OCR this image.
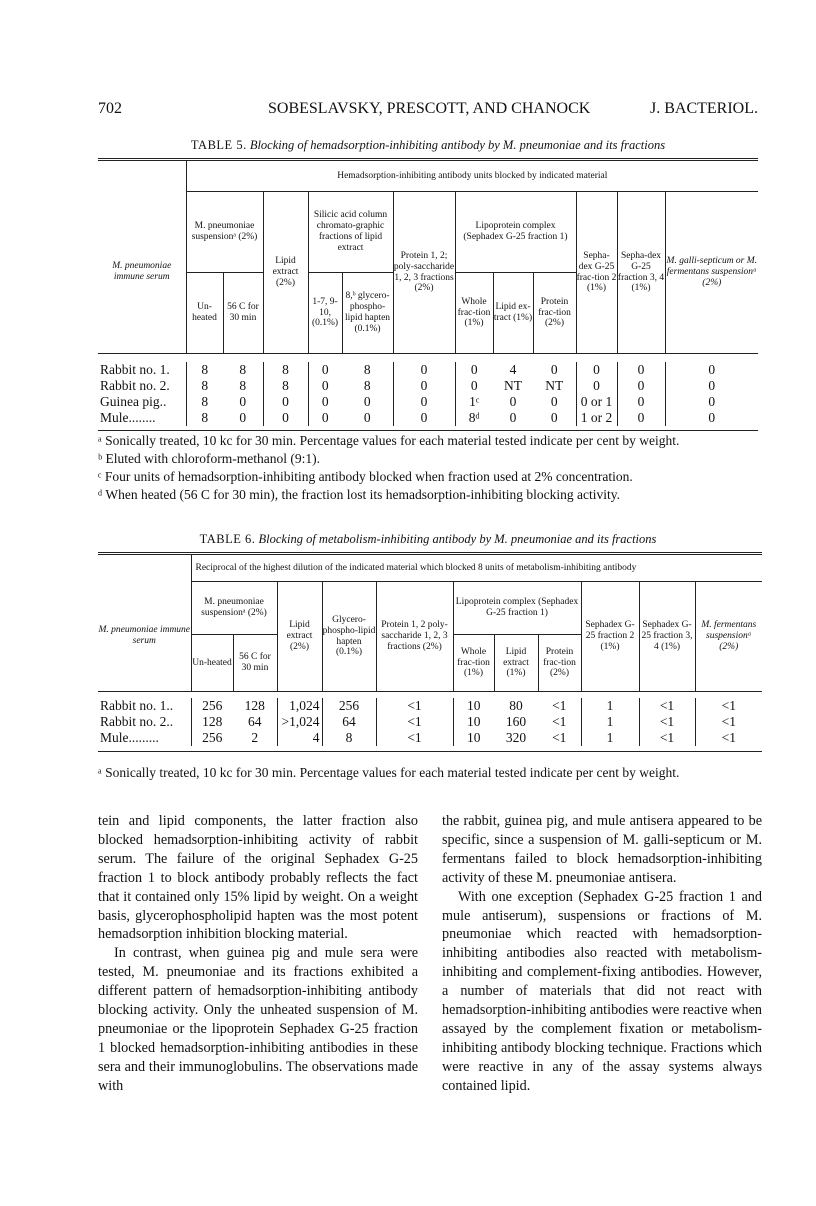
702	SOBESLAVSKY, PRESCOTT, AND CHANOCK	J. BACTERIOL.
TABLE 5. Blocking of hemadsorption-inhibiting antibody by M. pneumoniae and its fractions
	Hemadsorption-inhibiting antibody units blocked by indicated material											
M. pneumoniae immune serum	M. pneumoniae suspensionᵃ (2%)		Lipid extract (2%)	Silicic acid column chromato-graphic fractions of lipid extract		Protein 1, 2; poly-saccharide 1, 2, 3 fractions (2%)	Lipoprotein complex (Sephadex G-25 fraction 1)			Sepha-dex G-25 frac-tion 2 (1%)	Sepha-dex G-25 fraction 3, 4 (1%)	M. galli-septicum or M. fermentans suspensionᵃ (2%)
	Un-heated	56 C for 30 min		1-7, 9-10, (0.1%)	8,ᵇ glycero-phospho-lipid hapten (0.1%)		Whole frac-tion (1%)	Lipid ex-tract (1%)	Protein frac-tion (2%)			

Rabbit no. 1.	8	8	8	0	8	0	0	4	0	0	0	0
Rabbit no. 2.	8	8	8	0	8	0	0	NT	NT	0	0	0
Guinea pig..	8	0	0	0	0	0	1ᶜ	0	0	0 or 1	0	0
Mule........	8	0	0	0	0	0	8ᵈ	0	0	1 or 2	0	0

ᵃ Sonically treated, 10 kc for 30 min. Percentage values for each material tested indicate per cent by weight.

ᵇ Eluted with chloroform-methanol (9:1).

ᶜ Four units of hemadsorption-inhibiting antibody blocked when fraction used at 2% concentration.

ᵈ When heated (56 C for 30 min), the fraction lost its hemadsorption-inhibiting blocking activity.

TABLE 6. Blocking of metabolism-inhibiting antibody by M. pneumoniae and its fractions
	Reciprocal of the highest dilution of the indicated material which blocked 8 units of metabolism-inhibiting antibody										
M. pneumoniae immune serum	M. pneumoniae suspensionᵃ (2%)		Lipid extract (2%)	Glycero-phospho-lipid hapten (0.1%)	Protein 1, 2 poly-saccharide 1, 2, 3 fractions (2%)	Lipoprotein complex (Sephadex G-25 fraction 1)			Sephadex G-25 fraction 2 (1%)	Sephadex G-25 fraction 3, 4 (1%)	M. fermentans suspensionᵃ (2%)
	Un-heated	56 C for 30 min				Whole frac-tion (1%)	Lipid extract (1%)	Protein frac-tion (2%)			

Rabbit no. 1..	256	128	1,024	256	<1	10	80	<1	1	<1	<1
Rabbit no. 2..	128	64	>1,024	64	<1	10	160	<1	1	<1	<1
Mule.........	256	2	4	8	<1	10	320	<1	1	<1	<1

ᵃ Sonically treated, 10 kc for 30 min. Percentage values for each material tested indicate per cent by weight.

tein and lipid components, the latter fraction also blocked hemadsorption-inhibiting activity of rabbit serum. The failure of the original Sephadex G-25 fraction 1 to block antibody probably reflects the fact that it contained only 15% lipid by weight. On a weight basis, glycerophospholipid hapten was the most potent hemadsorption inhibition blocking material.

In contrast, when guinea pig and mule sera were tested, M. pneumoniae and its fractions exhibited a different pattern of hemadsorption-inhibiting antibody blocking activity. Only the unheated suspension of M. pneumoniae or the lipoprotein Sephadex G-25 fraction 1 blocked hemadsorption-inhibiting antibodies in these sera and their immunoglobulins. The observations made with

the rabbit, guinea pig, and mule antisera appeared to be specific, since a suspension of M. galli-septicum or M. fermentans failed to block hemadsorption-inhibiting activity of these M. pneumoniae antisera.

With one exception (Sephadex G-25 fraction 1 and mule antiserum), suspensions or fractions of M. pneumoniae which reacted with hemadsorption-inhibiting antibodies also reacted with metabolism-inhibiting and complement-fixing antibodies. However, a number of materials that did not react with hemadsorption-inhibiting antibodies were reactive when assayed by the complement fixation or metabolism-inhibiting antibody blocking technique. Fractions which were reactive in any of the assay systems always contained lipid.
